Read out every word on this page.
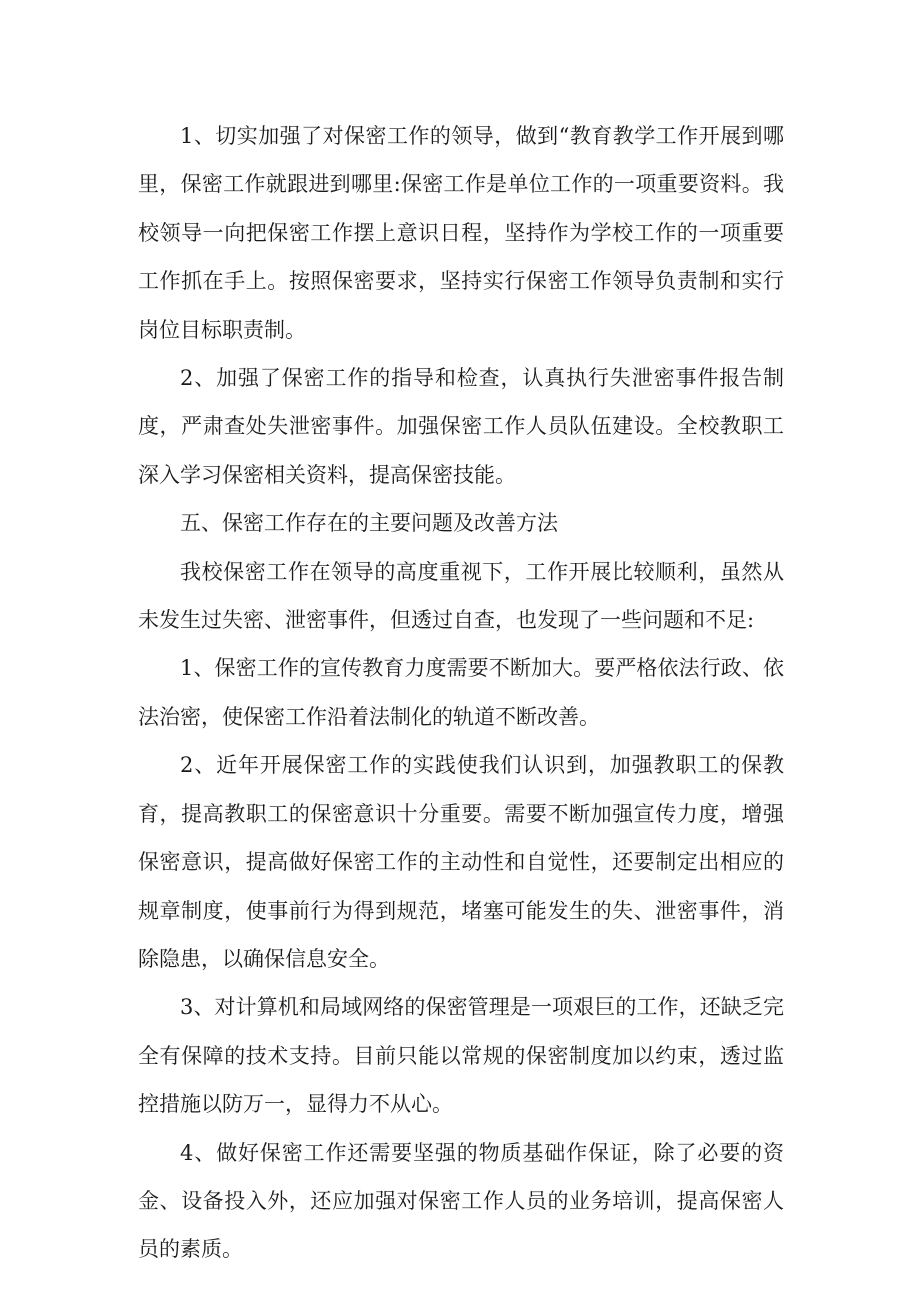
1、切实加强了对保密工作的领导，做到“教育教学工作开展到哪里，保密工作就跟进到哪里:保密工作是单位工作的一项重要资料。我校领导一向把保密工作摆上意识日程，坚持作为学校工作的一项重要工作抓在手上。按照保密要求，坚持实行保密工作领导负责制和实行岗位目标职责制。

2、加强了保密工作的指导和检查，认真执行失泄密事件报告制度，严肃查处失泄密事件。加强保密工作人员队伍建设。全校教职工深入学习保密相关资料，提高保密技能。

五、保密工作存在的主要问题及改善方法

我校保密工作在领导的高度重视下，工作开展比较顺利，虽然从未发生过失密、泄密事件，但透过自查，也发现了一些问题和不足:

1、保密工作的宣传教育力度需要不断加大。要严格依法行政、依法治密，使保密工作沿着法制化的轨道不断改善。

2、近年开展保密工作的实践使我们认识到，加强教职工的保教育，提高教职工的保密意识十分重要。需要不断加强宣传力度，增强保密意识，提高做好保密工作的主动性和自觉性，还要制定出相应的规章制度，使事前行为得到规范，堵塞可能发生的失、泄密事件，消除隐患，以确保信息安全。

3、对计算机和局域网络的保密管理是一项艰巨的工作，还缺乏完全有保障的技术支持。目前只能以常规的保密制度加以约束，透过监控措施以防万一，显得力不从心。

4、做好保密工作还需要坚强的物质基础作保证，除了必要的资金、设备投入外，还应加强对保密工作人员的业务培训，提高保密人员的素质。
